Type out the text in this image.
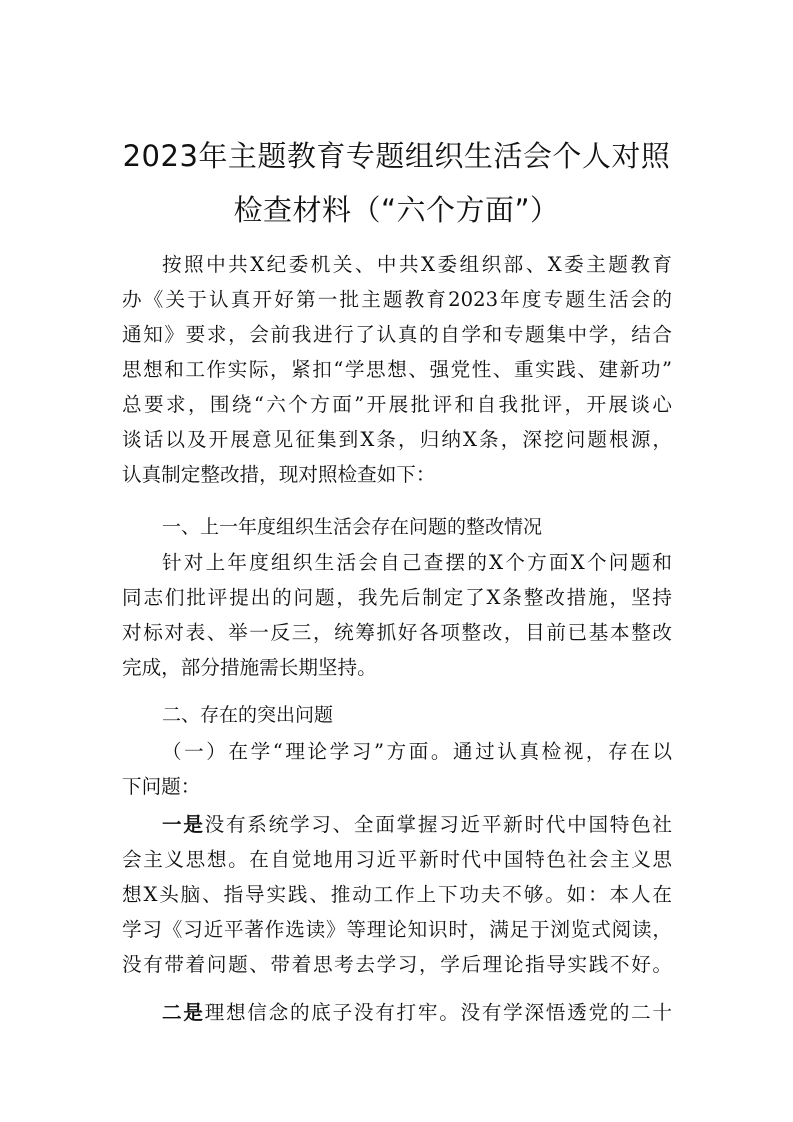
2023年主题教育专题组织生活会个人对照
检查材料（“六个方面”）
按照中共X纪委机关、中共X委组织部、X委主题教育
办《关于认真开好第一批主题教育2023年度专题生活会的
通知》要求，会前我进行了认真的自学和专题集中学，结合
思想和工作实际，紧扣“学思想、强党性、重实践、建新功”
总要求，围绕“六个方面”开展批评和自我批评，开展谈心
谈话以及开展意见征集到X条，归纳X条，深挖问题根源，
认真制定整改措，现对照检查如下：
一、上一年度组织生活会存在问题的整改情况
针对上年度组织生活会自己查摆的X个方面X个问题和
同志们批评提出的问题，我先后制定了X条整改措施，坚持
对标对表、举一反三，统筹抓好各项整改，目前已基本整改
完成，部分措施需长期坚持。
二、存在的突出问题
（一）在学“理论学习”方面。通过认真检视，存在以
下问题：
一是没有系统学习、全面掌握习近平新时代中国特色社
会主义思想。在自觉地用习近平新时代中国特色社会主义思
想X头脑、指导实践、推动工作上下功夫不够。如：本人在
学习《习近平著作选读》等理论知识时，满足于浏览式阅读，
没有带着问题、带着思考去学习，学后理论指导实践不好。
二是理想信念的底子没有打牢。没有学深悟透党的二十
